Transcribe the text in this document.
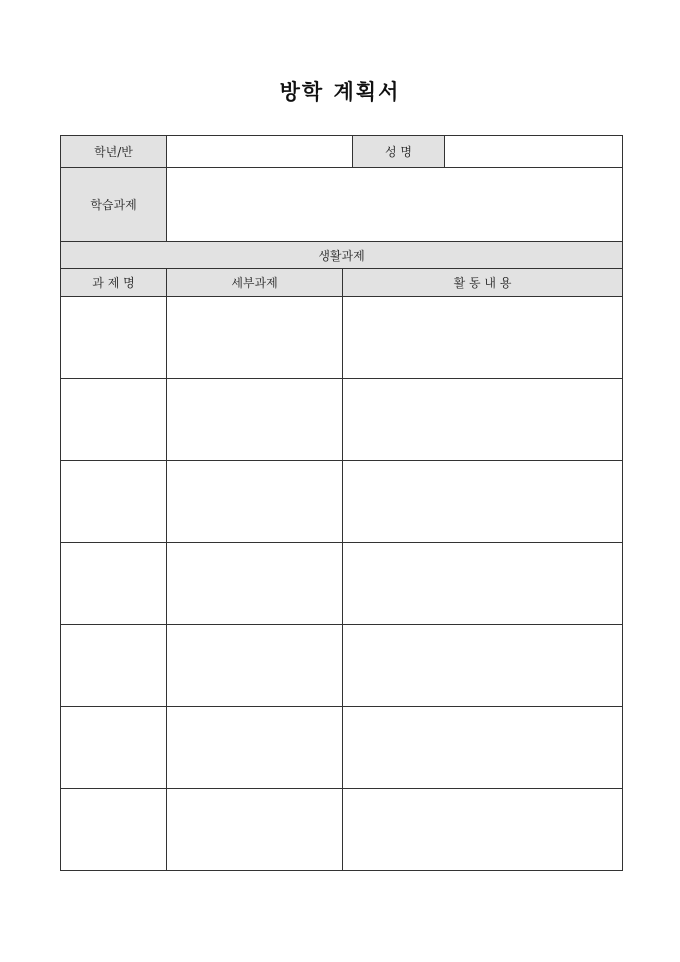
방학 계획서
학년/반			성 명	
학습과제				
생활과제				
과 제 명	세부과제	활 동 내 용		
